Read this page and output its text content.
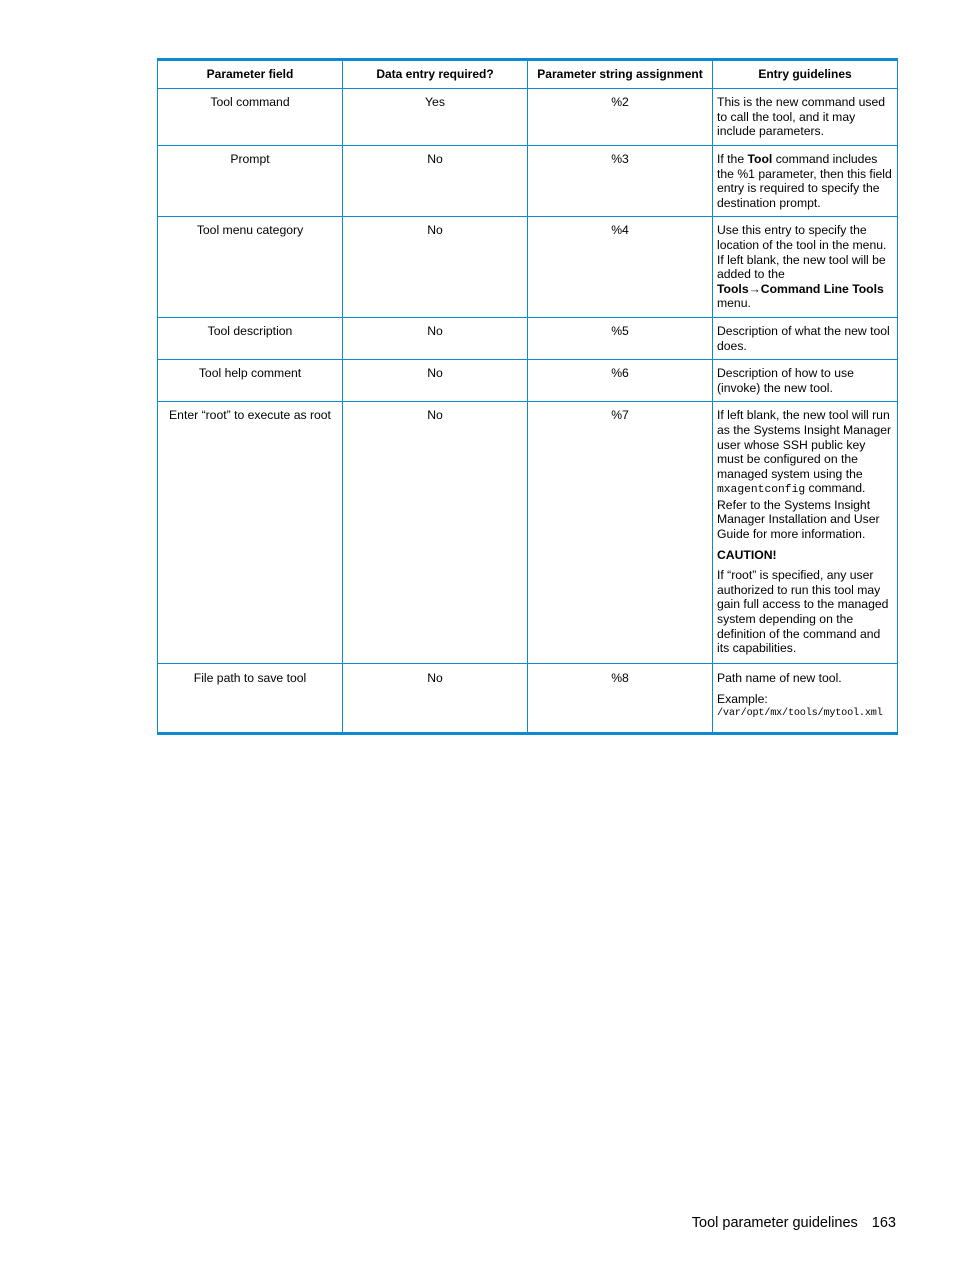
Parameter field	Data entry required?	Parameter string assignment	Entry guidelines
Tool command	Yes	%2	This is the new command used to call the tool, and it may include parameters.
Prompt	No	%3	If the Tool command includes the %1 parameter, then this field entry is required to specify the destination prompt.
Tool menu category	No	%4	Use this entry to specify the location of the tool in the menu. If left blank, the new tool will be added to the
Tools→Command Line Tools
menu.
Tool description	No	%5	Description of what the new tool does.
Tool help comment	No	%6	Description of how to use (invoke) the new tool.
Enter “root” to execute as root	No	%7	If left blank, the new tool will run as the Systems Insight Manager user whose SSH public key must be configured on the managed system using the
mxagentconfig command. Refer to the Systems Insight Manager Installation and User Guide for more information.
CAUTION!
If “root” is specified, any user authorized to run this tool may gain full access to the managed system depending on the definition of the command and its capabilities.

File path to save tool	No	%8	Path name of new tool.
Example:
/var/opt/mx/tools/mytool.xml
Tool parameter guidelines 163
